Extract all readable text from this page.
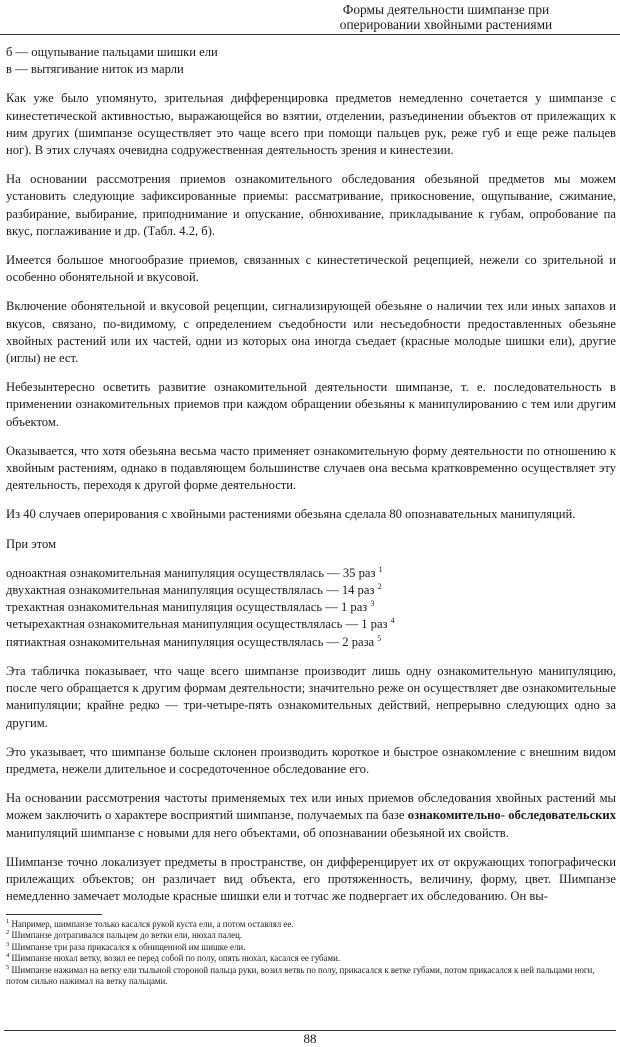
Формы деятельности шимпанзе при
оперировании хвойными растениями

б — ощупывание пальцами шишки ели

в — вытягивание ниток из марли

Как уже было упомянуто, зрительная дифференцировка предметов немедленно сочетается у шимпанзе с кинестетической активностью, выражающейся во взятии, отделении, разъединении объектов от прилежащих к ним других (шимпанзе осуществляет это чаще всего при помощи пальцев рук, реже губ и еще реже пальцев ног). В этих случаях очевидна содружественная деятельность зрения и кинестезии.

На основании рассмотрения приемов ознакомительного обследования обезьяной предметов мы можем установить следующие зафиксированные приемы: рассматривание, прикосновение, ощупывание, сжимание, разбирание, выбирание, приподнимание и опускание, обнюхивание, прикладывание к губам, опробование па вкус, поглаживание и др. (Табл. 4.2, б).

Имеется большое многообразие приемов, связанных с кинестетической рецепцией, нежели со зрительной и особенно обонятельной и вкусовой.

Включение обонятельной и вкусовой рецепции, сигнализирующей обезьяне о наличии тех или иных запахов и вкусов, связано, по-видимому, с определением съедобности или несъедобности предоставленных обезьяне хвойных растений или их частей, одни из которых она иногда съедает (красные молодые шишки ели), другие (иглы) не ест.

Небезынтересно осветить развитие ознакомительной деятельности шимпанзе, т. е. последовательность в применении ознакомительных приемов при каждом обращении обезьяны к манипулированию с тем или другим объектом.

Оказывается, что хотя обезьяна весьма часто применяет ознакомительную форму деятельности по отношению к хвойным растениям, однако в подавляющем большинстве случаев она весьма кратковременно осуществляет эту деятельность, переходя к другой форме деятельности.

Из 40 случаев оперирования с хвойными растениями обезьяна сделала 80 опознавательных манипуляций.

При этом

одноактная ознакомительная манипуляция осуществлялась — 35 раз $^1$

двухактная ознакомительная манипуляция осуществлялась — 14 раз $^2$

трехактная ознакомительная манипуляция осуществлялась — 1 раз $^3$

четырехактная ознакомительная манипуляция осуществлялась — 1 раз $^4$

пятиактная ознакомительная манипуляция осуществлялась — 2 раза $^5$

Эта табличка показывает, что чаще всего шимпанзе производит лишь одну ознакомительную манипуляцию, после чего обращается к другим формам деятельности; значительно реже он осуществляет две ознакомительные манипуляции; крайне редко — три-четыре-пять ознакомительных действий, непрерывно следующих одно за другим.

Это указывает, что шимпанзе больше склонен производить короткое и быстрое ознакомление с внешним видом предмета, нежели длительное и сосредоточенное обследование его.

На основании рассмотрения частоты применяемых тех или иных приемов обследования хвойных растений мы можем заключить о характере восприятий шимпанзе, получаемых па базе ознакомительно- обследовательских манипуляций шимпанзе с новыми для него объектами, об опознавании обезьяной их свойств.

Шимпанзе точно локализует предметы в пространстве, он дифференцирует их от окружающих топографически прилежащих объектов; он различает вид объекта, его протяженность, величину, форму, цвет. Шимпанзе немедленно замечает молодые красные шишки ели и тотчас же подвергает их обследованию. Он вы-

$^1$ Например, шимпанзе только касался рукой куста ели, а потом оставлял ее.

$^2$ Шимпанзе дотрагивался пальцем до ветки ели, нюхал палец.

$^3$ Шимпанзе три раза прикасался к обнищенной им шишке ели.

$^4$ Шимпанзе нюхал ветку, возил ее перед собой по полу, опять нюхал, касался ее губами.

$^5$ Шимпанзе нажимал на ветку ели тыльной стороной пальца руки, возил ветвь по полу, прикасался к ветке губами, потом прикасался к ней пальцами ноги, потом сильно нажимал на ветку пальцами.

88
